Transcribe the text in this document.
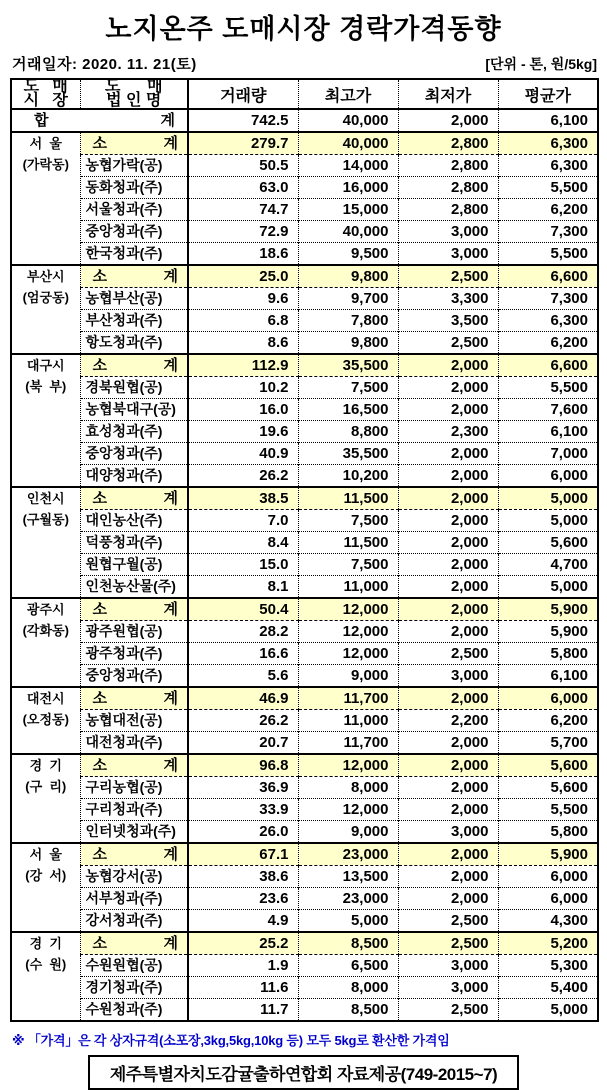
노지온주 도매시장 경락가격동향
거래일자: 2020. 11. 21(토)	[단위 - 톤, 원/5kg]
도   매
시   장

도      매
법 인 명	거래량	최고가	최저가	평균가

합 계		742.5	40,000	2,000	6,100

서  울
(가락동)

소	계	279.7	40,000	2,800	6,300
	농협가락(공)	50.5	14,000	2,800	6,300
	동화청과(주)	63.0	16,000	2,800	5,500
	서울청과(주)	74.7	15,000	2,800	6,200
	중앙청과(주)	72.9	40,000	3,000	7,300
	한국청과(주)	18.6	9,500	3,000	5,500

부산시
(엄궁동)

소	계	25.0	9,800	2,500	6,600
	농협부산(공)	9.6	9,700	3,300	7,300
	부산청과(주)	6.8	7,800	3,500	6,300
	항도청과(주)	8.6	9,800	2,500	6,200

대구시
(북  부)

소	계	112.9	35,500	2,000	6,600
	경북원협(공)	10.2	7,500	2,000	5,500
	농협북대구(공)	16.0	16,500	2,000	7,600
	효성청과(주)	19.6	8,800	2,300	6,100
	중앙청과(주)	40.9	35,500	2,000	7,000
	대양청과(주)	26.2	10,200	2,000	6,000

인천시
(구월동)

소	계	38.5	11,500	2,000	5,000
	대인농산(주)	7.0	7,500	2,000	5,000
	덕풍청과(주)	8.4	11,500	2,000	5,600
	원협구월(공)	15.0	7,500	2,000	4,700
	인천농산물(주)	8.1	11,000	2,000	5,000

광주시
(각화동)

소	계	50.4	12,000	2,000	5,900
	광주원협(공)	28.2	12,000	2,000	5,900
	광주청과(주)	16.6	12,000	2,500	5,800
	중앙청과(주)	5.6	9,000	3,000	6,100

대전시
(오정동)

소	계	46.9	11,700	2,000	6,000
	농협대전(공)	26.2	11,000	2,200	6,200
	대전청과(주)	20.7	11,700	2,000	5,700

경  기
(구  리)

소	계	96.8	12,000	2,000	5,600
	구리농협(공)	36.9	8,000	2,000	5,600
	구리청과(주)	33.9	12,000	2,000	5,500
	인터넷청과(주)	26.0	9,000	3,000	5,800

서  울
(강  서)

소	계	67.1	23,000	2,000	5,900
	농협강서(공)	38.6	13,500	2,000	6,000
	서부청과(주)	23.6	23,000	2,000	6,000
	강서청과(주)	4.9	5,000	2,500	4,300

경  기
(수  원)

소	계	25.2	8,500	2,500	5,200
	수원원협(공)	1.9	6,500	3,000	5,300
	경기청과(주)	11.6	8,000	3,000	5,400
	수원청과(주)	11.7	8,500	2,500	5,000
※ 「가격」은 각 상자규격(소포장,3kg,5kg,10kg 등) 모두 5kg로 환산한 가격임
제주특별자치도감귤출하연합회 자료제공(749-2015~7)
